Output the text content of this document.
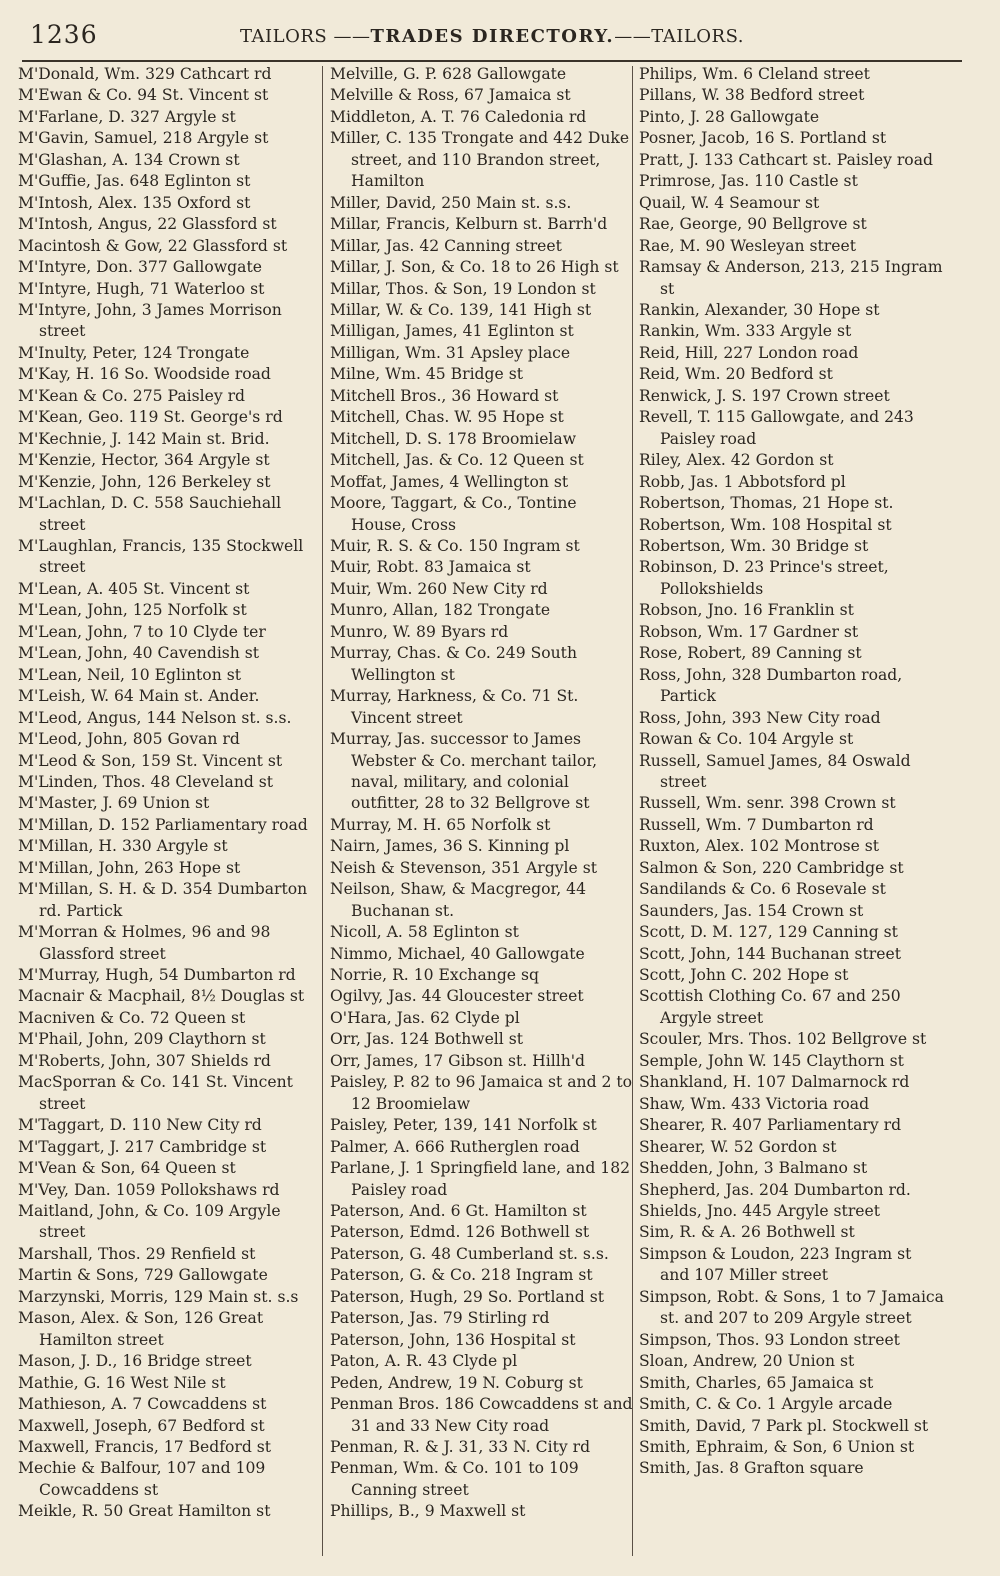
1236	TAILORS ——TRADES DIRECTORY.——TAILORS.
M'Donald, Wm. 329 Cathcart rd
M'Ewan & Co. 94 St. Vincent st
M'Farlane, D. 327 Argyle st
M'Gavin, Samuel, 218 Argyle st
M'Glashan, A. 134 Crown st
M'Guffie, Jas. 648 Eglinton st
M'Intosh, Alex. 135 Oxford st
M'Intosh, Angus, 22 Glassford st
Macintosh & Gow, 22 Glassford st
M'Intyre, Don. 377 Gallowgate
M'Intyre, Hugh, 71 Waterloo st
M'Intyre, John, 3 James Morrison street
M'Inulty, Peter, 124 Trongate
M'Kay, H. 16 So. Woodside road
M'Kean & Co. 275 Paisley rd
M'Kean, Geo. 119 St. George's rd
M'Kechnie, J. 142 Main st. Brid.
M'Kenzie, Hector, 364 Argyle st
M'Kenzie, John, 126 Berkeley st
M'Lachlan, D. C. 558 Sauchiehall street
M'Laughlan, Francis, 135 Stockwell street
M'Lean, A. 405 St. Vincent st
M'Lean, John, 125 Norfolk st
M'Lean, John, 7 to 10 Clyde ter
M'Lean, John, 40 Cavendish st
M'Lean, Neil, 10 Eglinton st
M'Leish, W. 64 Main st. Ander.
M'Leod, Angus, 144 Nelson st. s.s.
M'Leod, John, 805 Govan rd
M'Leod & Son, 159 St. Vincent st
M'Linden, Thos. 48 Cleveland st
M'Master, J. 69 Union st
M'Millan, D. 152 Parliamentary road
M'Millan, H. 330 Argyle st
M'Millan, John, 263 Hope st
M'Millan, S. H. & D. 354 Dumbarton rd. Partick
M'Morran & Holmes, 96 and 98 Glassford street
M'Murray, Hugh, 54 Dumbarton rd
Macnair & Macphail, 8½ Douglas st
Macniven & Co. 72 Queen st
M'Phail, John, 209 Claythorn st
M'Roberts, John, 307 Shields rd
MacSporran & Co. 141 St. Vincent street
M'Taggart, D. 110 New City rd
M'Taggart, J. 217 Cambridge st
M'Vean & Son, 64 Queen st
M'Vey, Dan. 1059 Pollokshaws rd
Maitland, John, & Co. 109 Argyle street
Marshall, Thos. 29 Renfield st
Martin & Sons, 729 Gallowgate
Marzynski, Morris, 129 Main st. s.s
Mason, Alex. & Son, 126 Great Hamilton street
Mason, J. D., 16 Bridge street
Mathie, G. 16 West Nile st
Mathieson, A. 7 Cowcaddens st
Maxwell, Joseph, 67 Bedford st
Maxwell, Francis, 17 Bedford st
Mechie & Balfour, 107 and 109 Cowcaddens st
Meikle, R. 50 Great Hamilton st
Melville, G. P. 628 Gallowgate
Melville & Ross, 67 Jamaica st
Middleton, A. T. 76 Caledonia rd
Miller, C. 135 Trongate and 442 Duke street, and 110 Brandon street, Hamilton
Miller, David, 250 Main st. s.s.
Millar, Francis, Kelburn st. Barrh'd
Millar, Jas. 42 Canning street
Millar, J. Son, & Co. 18 to 26 High st
Millar, Thos. & Son, 19 London st
Millar, W. & Co. 139, 141 High st
Milligan, James, 41 Eglinton st
Milligan, Wm. 31 Apsley place
Milne, Wm. 45 Bridge st
Mitchell Bros., 36 Howard st
Mitchell, Chas. W. 95 Hope st
Mitchell, D. S. 178 Broomielaw
Mitchell, Jas. & Co. 12 Queen st
Moffat, James, 4 Wellington st
Moore, Taggart, & Co., Tontine House, Cross
Muir, R. S. & Co. 150 Ingram st
Muir, Robt. 83 Jamaica st
Muir, Wm. 260 New City rd
Munro, Allan, 182 Trongate
Munro, W. 89 Byars rd
Murray, Chas. & Co. 249 South Wellington st
Murray, Harkness, & Co. 71 St. Vincent street
Murray, Jas. successor to James Webster & Co. merchant tailor, naval, military, and colonial outfitter, 28 to 32 Bellgrove st
Murray, M. H. 65 Norfolk st
Nairn, James, 36 S. Kinning pl
Neish & Stevenson, 351 Argyle st
Neilson, Shaw, & Macgregor, 44 Buchanan st.
Nicoll, A. 58 Eglinton st
Nimmo, Michael, 40 Gallowgate
Norrie, R. 10 Exchange sq
Ogilvy, Jas. 44 Gloucester street
O'Hara, Jas. 62 Clyde pl
Orr, Jas. 124 Bothwell st
Orr, James, 17 Gibson st. Hillh'd
Paisley, P. 82 to 96 Jamaica st and 2 to 12 Broomielaw
Paisley, Peter, 139, 141 Norfolk st
Palmer, A. 666 Rutherglen road
Parlane, J. 1 Springfield lane, and 182 Paisley road
Paterson, And. 6 Gt. Hamilton st
Paterson, Edmd. 126 Bothwell st
Paterson, G. 48 Cumberland st. s.s.
Paterson, G. & Co. 218 Ingram st
Paterson, Hugh, 29 So. Portland st
Paterson, Jas. 79 Stirling rd
Paterson, John, 136 Hospital st
Paton, A. R. 43 Clyde pl
Peden, Andrew, 19 N. Coburg st
Penman Bros. 186 Cowcaddens st and 31 and 33 New City road
Penman, R. & J. 31, 33 N. City rd
Penman, Wm. & Co. 101 to 109 Canning street
Phillips, B., 9 Maxwell st
Philips, Wm. 6 Cleland street
Pillans, W. 38 Bedford street
Pinto, J. 28 Gallowgate
Posner, Jacob, 16 S. Portland st
Pratt, J. 133 Cathcart st. Paisley road
Primrose, Jas. 110 Castle st
Quail, W. 4 Seamour st
Rae, George, 90 Bellgrove st
Rae, M. 90 Wesleyan street
Ramsay & Anderson, 213, 215 Ingram st
Rankin, Alexander, 30 Hope st
Rankin, Wm. 333 Argyle st
Reid, Hill, 227 London road
Reid, Wm. 20 Bedford st
Renwick, J. S. 197 Crown street
Revell, T. 115 Gallowgate, and 243 Paisley road
Riley, Alex. 42 Gordon st
Robb, Jas. 1 Abbotsford pl
Robertson, Thomas, 21 Hope st.
Robertson, Wm. 108 Hospital st
Robertson, Wm. 30 Bridge st
Robinson, D. 23 Prince's street, Pollokshields
Robson, Jno. 16 Franklin st
Robson, Wm. 17 Gardner st
Rose, Robert, 89 Canning st
Ross, John, 328 Dumbarton road, Partick
Ross, John, 393 New City road
Rowan & Co. 104 Argyle st
Russell, Samuel James, 84 Oswald street
Russell, Wm. senr. 398 Crown st
Russell, Wm. 7 Dumbarton rd
Ruxton, Alex. 102 Montrose st
Salmon & Son, 220 Cambridge st
Sandilands & Co. 6 Rosevale st
Saunders, Jas. 154 Crown st
Scott, D. M. 127, 129 Canning st
Scott, John, 144 Buchanan street
Scott, John C. 202 Hope st
Scottish Clothing Co. 67 and 250 Argyle street
Scouler, Mrs. Thos. 102 Bellgrove st
Semple, John W. 145 Claythorn st
Shankland, H. 107 Dalmarnock rd
Shaw, Wm. 433 Victoria road
Shearer, R. 407 Parliamentary rd
Shearer, W. 52 Gordon st
Shedden, John, 3 Balmano st
Shepherd, Jas. 204 Dumbarton rd.
Shields, Jno. 445 Argyle street
Sim, R. & A. 26 Bothwell st
Simpson & Loudon, 223 Ingram st and 107 Miller street
Simpson, Robt. & Sons, 1 to 7 Jamaica st. and 207 to 209 Argyle street
Simpson, Thos. 93 London street
Sloan, Andrew, 20 Union st
Smith, Charles, 65 Jamaica st
Smith, C. & Co. 1 Argyle arcade
Smith, David, 7 Park pl. Stockwell st
Smith, Ephraim, & Son, 6 Union st
Smith, Jas. 8 Grafton square
